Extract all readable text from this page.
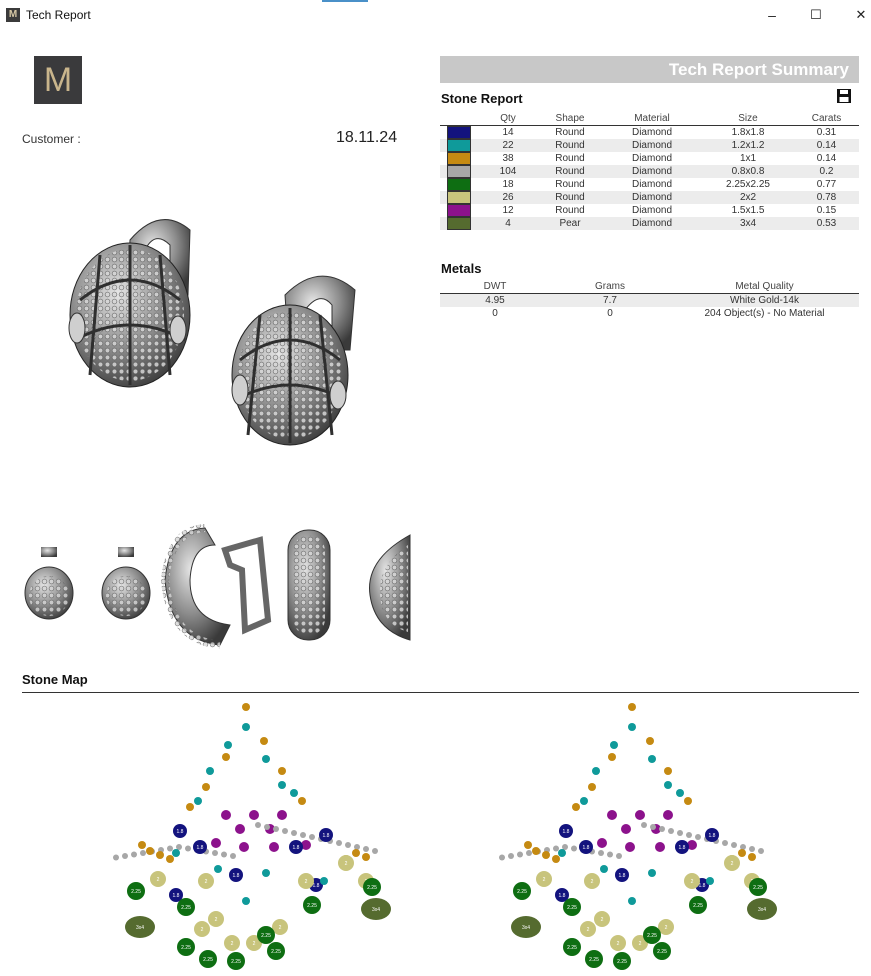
M Tech Report	–	☐	✕
M
Customer :	18.11.24
Tech Report Summary
Stone Report
	Qty	Shape	Material	Size	Carats
	14	Round	Diamond	1.8x1.8	0.31
	22	Round	Diamond	1.2x1.2	0.14
	38	Round	Diamond	1x1	0.14
	104	Round	Diamond	0.8x0.8	0.2
	18	Round	Diamond	2.25x2.25	0.77
	26	Round	Diamond	2x2	0.78
	12	Round	Diamond	1.5x1.5	0.15
	4	Pear	Diamond	3x4	0.53
Metals
DWT	Grams	Metal Quality
4.95	7.7	White Gold-14k
0	0	204 Object(s) - No Material
Stone Map
1.8
1.8
1.8
1.8
1.8
1.8
1.8
2	2
2
2	2
2
2
2
2
2.25
2.25
2.25
2.25	2.25
2.25
2.25
2.25
2.25
3x4
3x4
1.8
1.8
1.8
1.8
1.8
1.8
1.8
2	2
2
2	2
2
2
2
2
2.25
2.25
2.25
2.25	2.25
2.25
2.25
2.25
2.25
3x4
3x4
